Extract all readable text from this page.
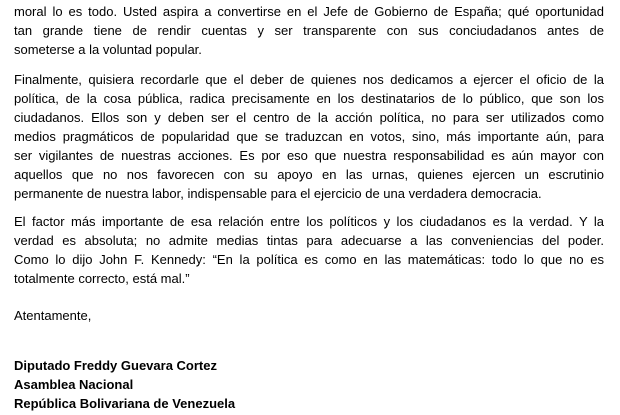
moral lo es todo. Usted aspira a convertirse en el Jefe de Gobierno de España; qué oportunidad
tan grande tiene de rendir cuentas y ser transparente con sus conciudadanos antes de
someterse a la voluntad popular.

Finalmente, quisiera recordarle que el deber de quienes nos dedicamos a ejercer el oficio de la
política, de la cosa pública, radica precisamente en los destinatarios de lo público, que son los
ciudadanos. Ellos son y deben ser el centro de la acción política, no para ser utilizados como
medios pragmáticos de popularidad que se traduzcan en votos, sino, más importante aún, para
ser vigilantes de nuestras acciones. Es por eso que nuestra responsabilidad es aún mayor con
aquellos que no nos favorecen con su apoyo en las urnas, quienes ejercen un escrutinio
permanente de nuestra labor, indispensable para el ejercicio de una verdadera democracia.

El factor más importante de esa relación entre los políticos y los ciudadanos es la verdad. Y la
verdad es absoluta; no admite medias tintas para adecuarse a las conveniencias del poder.
Como lo dijo John F. Kennedy: “En la política es como en las matemáticas: todo lo que no es
totalmente correcto, está mal.”

Atentamente,

Diputado Freddy Guevara Cortez
Asamblea Nacional
República Bolivariana de Venezuela
